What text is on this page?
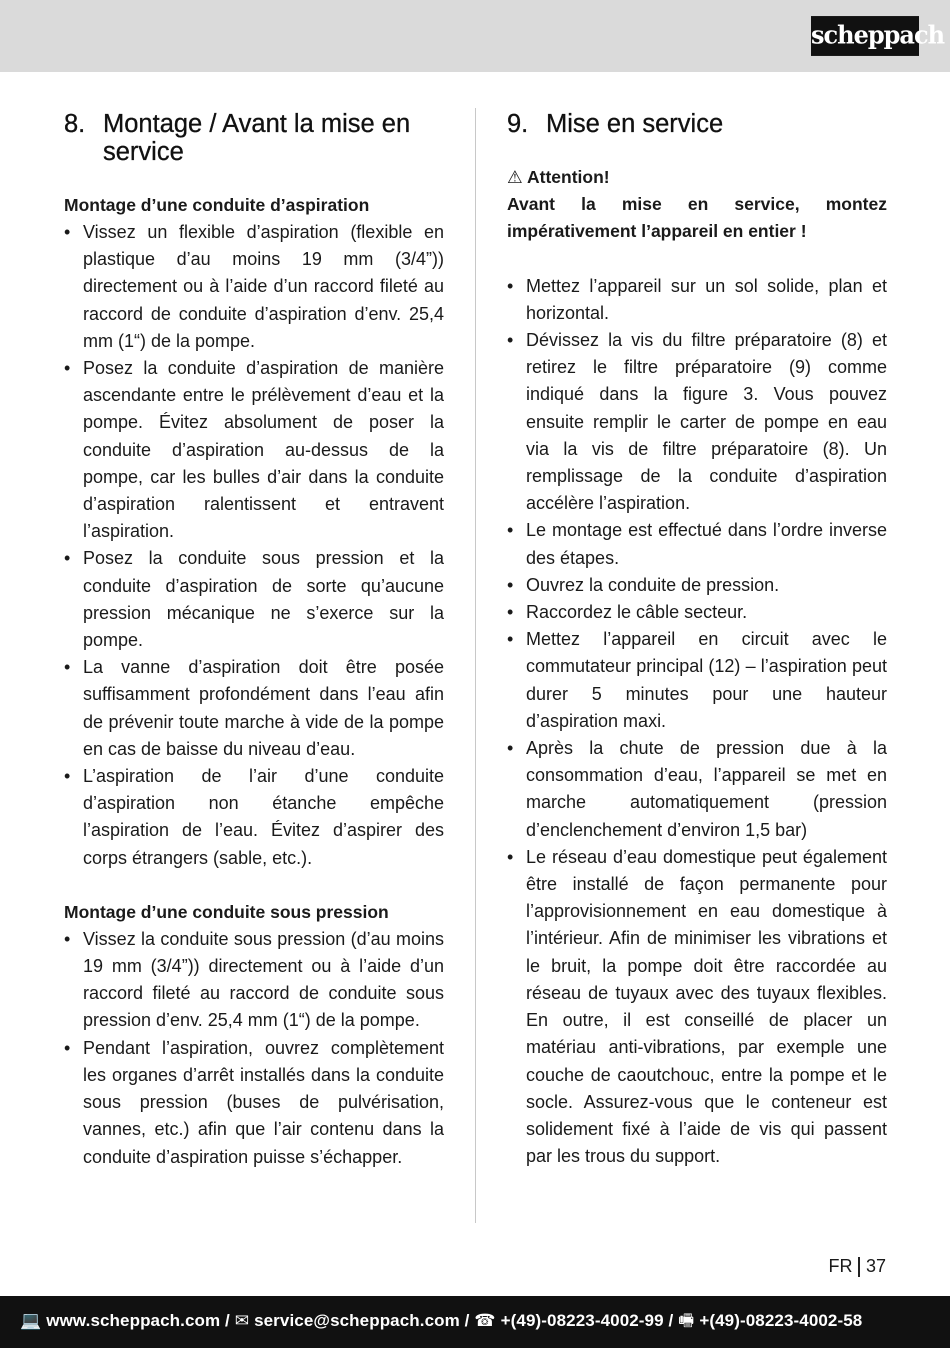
scheppach
8. Montage / Avant la mise en service
Montage d’une conduite d’aspiration
• Vissez un flexible d’aspiration (flexible en plastique d’au moins 19 mm (3/4”)) directement ou à l’aide d’un raccord fileté au raccord de conduite d’aspiration d’env. 25,4 mm (1“) de la pompe.
• Posez la conduite d’aspiration de manière ascendante entre le prélèvement d’eau et la pompe. Évitez absolument de poser la conduite d’aspiration au-dessus de la pompe, car les bulles d’air dans la conduite d’aspiration ralentissent et entravent l’aspiration.
• Posez la conduite sous pression et la conduite d’aspiration de sorte qu’aucune pression mécanique ne s’exerce sur la pompe.
• La vanne d’aspiration doit être posée suffisamment profondément dans l’eau afin de prévenir toute marche à vide de la pompe en cas de baisse du niveau d’eau.
• L’aspiration de l’air d’une conduite d’aspiration non étanche empêche l’aspiration de l’eau. Évitez d’aspirer des corps étrangers (sable, etc.).
Montage d’une conduite sous pression
• Vissez la conduite sous pression (d’au moins 19 mm (3/4”)) directement ou à l’aide d’un raccord fileté au raccord de conduite sous pression d’env. 25,4 mm (1“) de la pompe.
• Pendant l’aspiration, ouvrez complètement les organes d’arrêt installés dans la conduite sous pression (buses de pulvérisation, vannes, etc.) afin que l’air contenu dans la conduite d’aspiration puisse s’échapper.
9. Mise en service
⚠ Attention!
Avant la mise en service, montez impérativement l’appareil en entier !
• Mettez l’appareil sur un sol solide, plan et horizontal.
• Dévissez la vis du filtre préparatoire (8) et retirez le filtre préparatoire (9) comme indiqué dans la figure 3. Vous pouvez ensuite remplir le carter de pompe en eau via la vis de filtre préparatoire (8). Un remplissage de la conduite d’aspiration accélère l’aspiration.
• Le montage est effectué dans l’ordre inverse des étapes.
• Ouvrez la conduite de pression.
• Raccordez le câble secteur.
• Mettez l’appareil en circuit avec le commutateur principal (12) – l’aspiration peut durer 5 minutes pour une hauteur d’aspiration maxi.
• Après la chute de pression due à la consommation d’eau, l’appareil se met en marche automatiquement (pression d’enclenchement d’environ 1,5 bar)
• Le réseau d’eau domestique peut également être installé de façon permanente pour l’approvisionnement en eau domestique à l’intérieur. Afin de minimiser les vibrations et le bruit, la pompe doit être raccordée au réseau de tuyaux avec des tuyaux flexibles. En outre, il est conseillé de placer un matériau anti-vibrations, par exemple une couche de caoutchouc, entre la pompe et le socle. Assurez-vous que le conteneur est solidement fixé à l’aide de vis qui passent par les trous du support.
FR 37
💻 www.scheppach.com / ✉ service@scheppach.com / ☎ +(49)-08223-4002-99 / 🖷 +(49)-08223-4002-58
